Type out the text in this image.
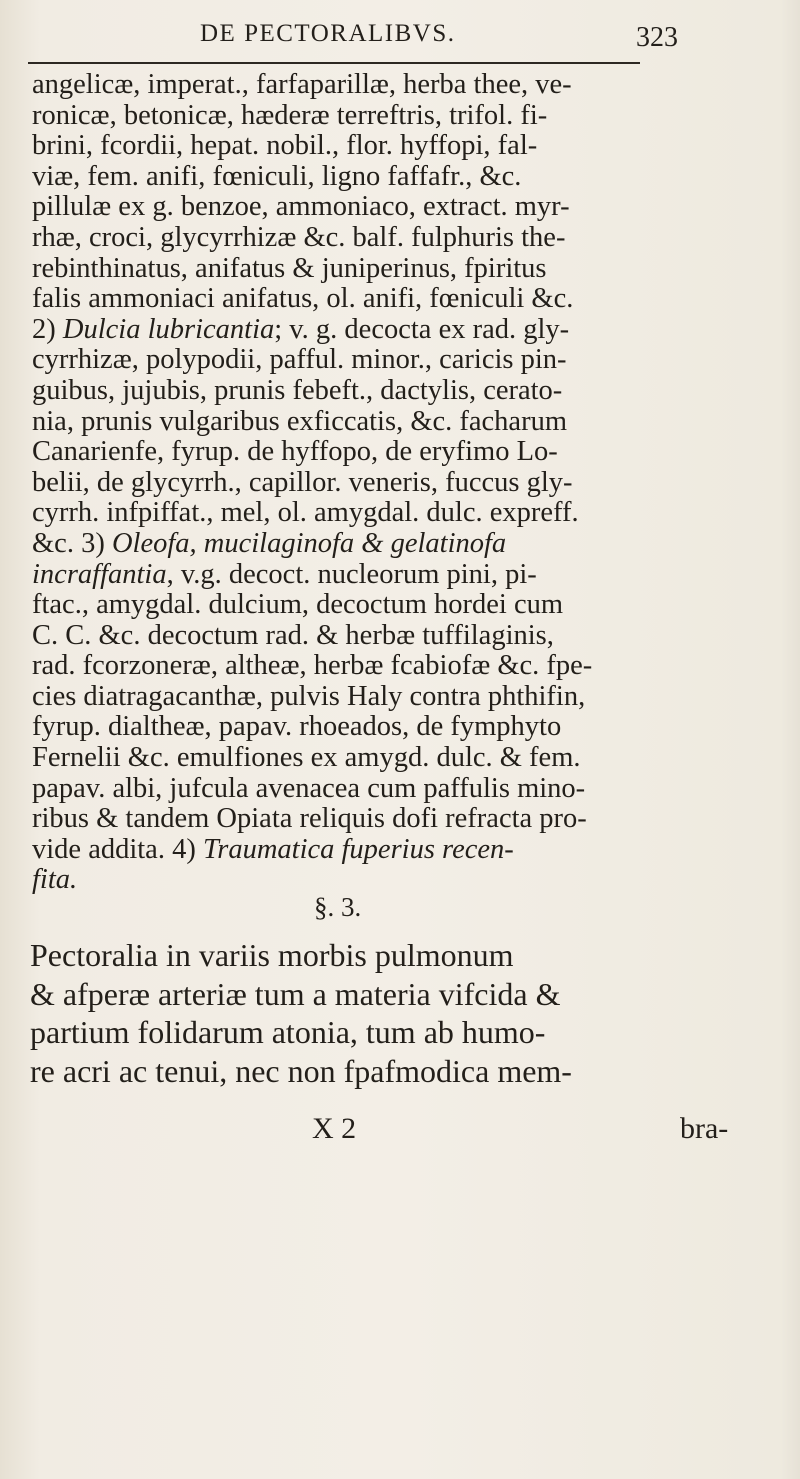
DE PECTORALIBVS.	323
angelicæ, imperat., farfaparillæ, herba thee, ve-
ronicæ, betonicæ, hæderæ terreftris, trifol. fi-
brini, fcordii, hepat. nobil., flor. hyffopi, fal-
viæ, fem. anifi, fœniculi, ligno faffafr., &c.
pillulæ ex g. benzoe, ammoniaco, extract. myr-
rhæ, croci, glycyrrhizæ &c. balf. fulphuris the-
rebinthinatus, anifatus & juniperinus, fpiritus
falis ammoniaci anifatus, ol. anifi, fœniculi &c.
2) Dulcia lubricantia; v. g. decocta ex rad. gly-
cyrrhizæ, polypodii, pafful. minor., caricis pin-
guibus, jujubis, prunis febeft., dactylis, cerato-
nia, prunis vulgaribus exficcatis, &c. facharum
Canarienfe, fyrup. de hyffopo, de eryfimo Lo-
belii, de glycyrrh., capillor. veneris, fuccus gly-
cyrrh. infpiffat., mel, ol. amygdal. dulc. expreff.
&c. 3) Oleofa, mucilaginofa & gelatinofa
incraffantia, v.g. decoct. nucleorum pini, pi-
ftac., amygdal. dulcium, decoctum hordei cum
C. C. &c. decoctum rad. & herbæ tuffilaginis,
rad. fcorzoneræ, altheæ, herbæ fcabiofæ &c. fpe-
cies diatragacanthæ, pulvis Haly contra phthifin,
fyrup. dialtheæ, papav. rhoeados, de fymphyto
Fernelii &c. emulfiones ex amygd. dulc. & fem.
papav. albi, jufcula avenacea cum paffulis mino-
ribus & tandem Opiata reliquis dofi refracta pro-
vide addita. 4) Traumatica fuperius recen-
fita.
§. 3.
Pectoralia in variis morbis pulmonum
& afperæ arteriæ tum a materia vifcida &
partium folidarum atonia, tum ab humo-
re acri ac tenui, nec non fpafmodica mem-
X 2	bra-
